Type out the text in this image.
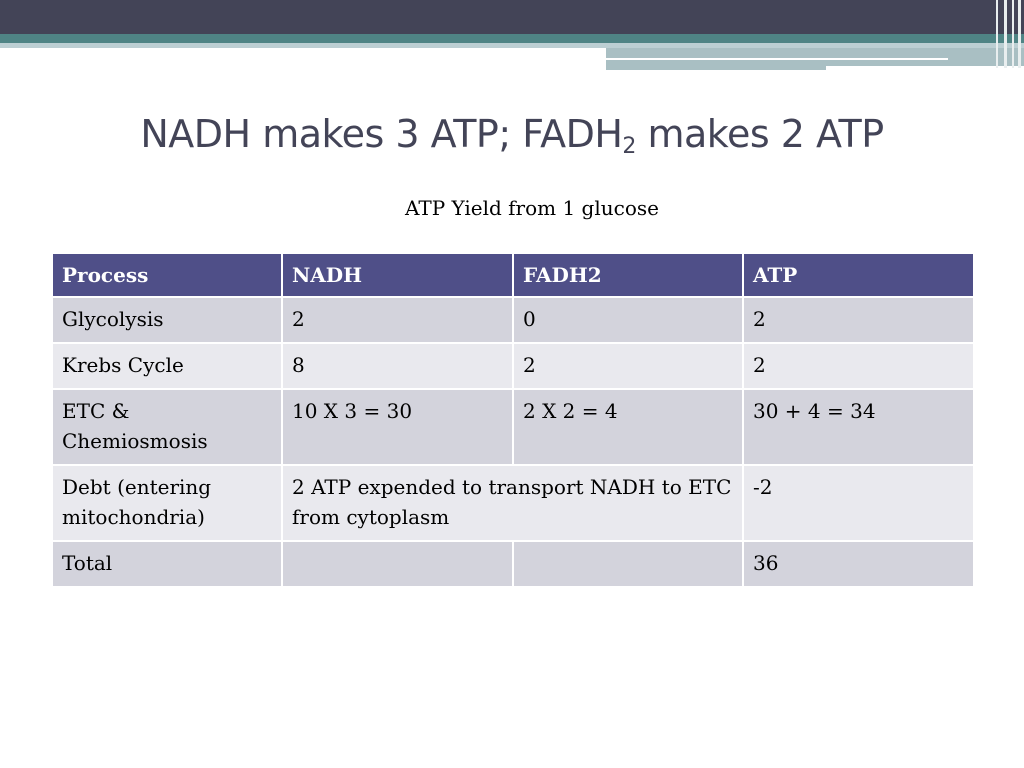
NADH makes 3 ATP; $FADH_2$ makes 2 ATP
ATP Yield from 1 glucose
Process	NADH	FADH2	ATP
Glycolysis	2	0	2
Krebs Cycle	8	2	2
ETC & Chemiosmosis	10 X 3 = 30	2 X 2 = 4	30 + 4 = 34
Debt (entering mitochondria)	2 ATP expended to transport NADH to ETC from cytoplasm		-2
Total			36
